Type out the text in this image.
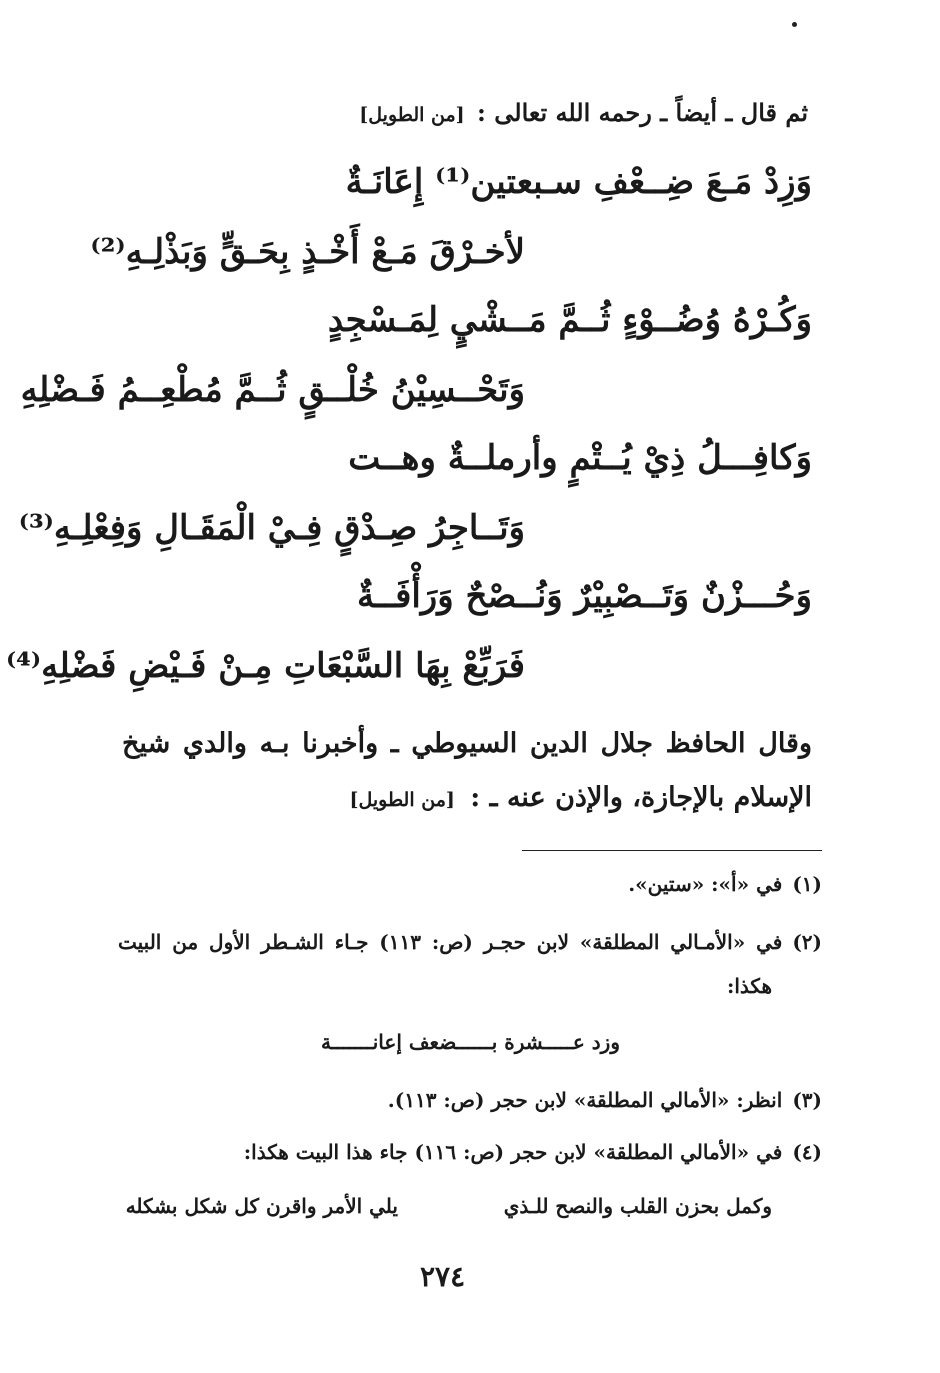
ثم قال ـ أيضاً ـ رحمه الله تعالى : [من الطويل]
وَزِدْ مَـعَ ضِــعْفِ سـبعتين⁽¹⁾ إِعَانَـةٌ
لأخـرْقَ مَـعْ أَخْـذٍ بِحَـقٍّ وَبَذْلِـهِ⁽²⁾
وَكُـرْهُ وُضُــوْءٍ ثُــمَّ مَــشْيٍ لِمَـسْجِدٍ
وَتَحْــسِيْنُ خُلْــقٍ ثُــمَّ مُطْعِــمُ فَـضْلِهِ
وَكافِـــلُ ذِيْ يُــتْمٍ وأرملــةٌ وهــت
وَتَــاجِرُ صِـدْقٍ فِـيْ الْمَقَـالِ وَفِعْلِـهِ⁽³⁾
وَحُـــزْنٌ وَتَــصْبِيْرٌ وَنُــصْحٌ وَرَأْفَــةٌ
فَرَبِّعْ بِهَا السَّبْعَاتِ مِـنْ فَـيْضِ فَضْلِهِ⁽⁴⁾
وقال الحافظ جلال الدين السيوطي ـ وأخبرنا بـه والدي شيخ
الإسلام بالإجازة، والإذن عنه ـ : [من الطويل]
(١)في «أ»: «ستين».
(٢)في «الأمـالي المطلقة» لابن حجـر (ص: ١١٣) جـاء الشـطر الأول من البيت
هكذا:
وزد عـــــشرة بــــــضعف إعانـــــــة
(٣)انظر: «الأمالي المطلقة» لابن حجر (ص: ١١٣).
(٤)في «الأمالي المطلقة» لابن حجر (ص: ١١٦) جاء هذا البيت هكذا:
وكمل بحزن القلب والنصح للـذي
يلي الأمر واقرن كل شكل بشكله
٢٧٤
